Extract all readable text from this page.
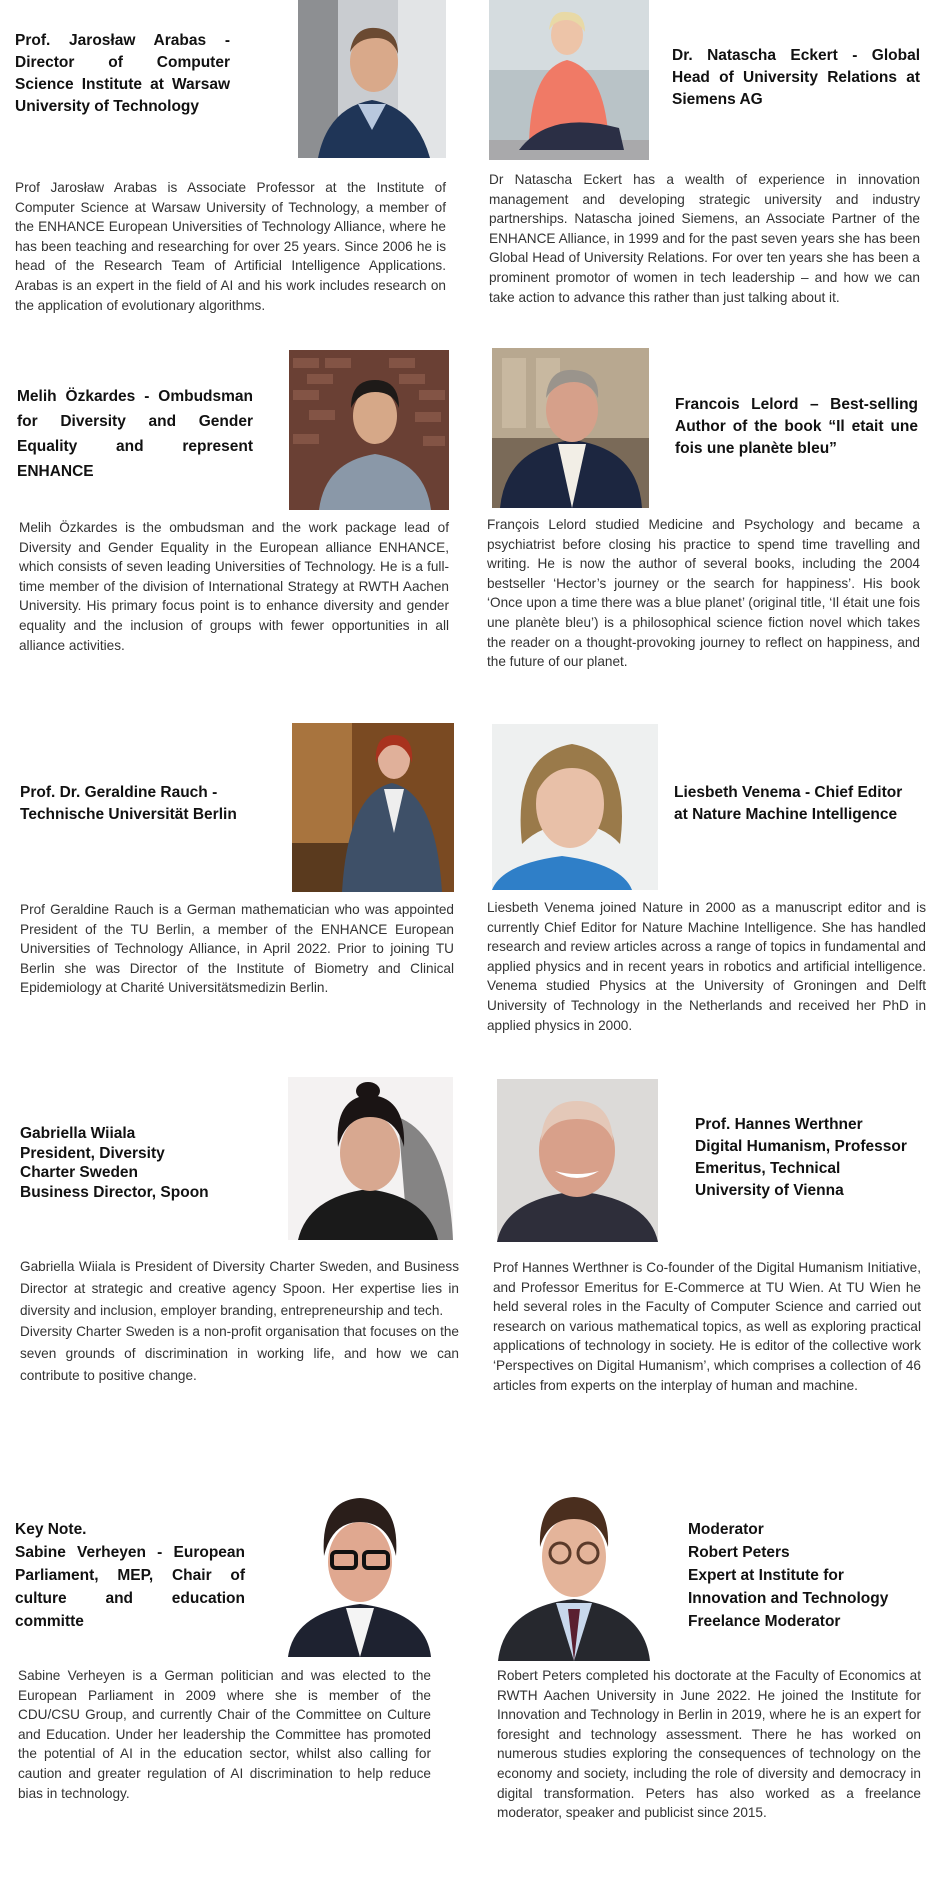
Prof. Jarosław Arabas - Director of Computer Science Institute at Warsaw University of Technology
Prof Jarosław Arabas is Associate Professor at the Institute of Computer Science at Warsaw University of Technology, a member of the ENHANCE European Universities of Technology Alliance, where he has been teaching and researching for over 25 years. Since 2006 he is head of the Research Team of Artificial Intelligence Applications. Arabas is an expert in the field of AI and his work includes research on the application of evolutionary algorithms.
Dr. Natascha Eckert - Global Head of University Relations at Siemens AG
Dr Natascha Eckert has a wealth of experience in innovation management and developing strategic university and industry partnerships. Natascha joined Siemens, an Associate Partner of the ENHANCE Alliance, in 1999 and for the past seven years she has been Global Head of University Relations. For over ten years she has been a prominent promotor of women in tech leadership – and how we can take action to advance this rather than just talking about it.
Melih Özkardes - Ombudsman for Diversity and Gender Equality and represent ENHANCE
Melih Özkardes is the ombudsman and the work package lead of Diversity and Gender Equality in the European alliance ENHANCE, which consists of seven leading Universities of Technology. He is a full-time member of the division of International Strategy at RWTH Aachen University. His primary focus point is to enhance diversity and gender equality and the inclusion of groups with fewer opportunities in all alliance activities.
Francois Lelord – Best-selling Author of the book “Il etait une fois une planète bleu”
François Lelord studied Medicine and Psychology and became a psychiatrist before closing his practice to spend time travelling and writing. He is now the author of several books, including the 2004 bestseller ‘Hector’s journey or the search for happiness’. His book ‘Once upon a time there was a blue planet’ (original title, ‘Il était une fois une planète bleu’) is a philosophical science fiction novel which takes the reader on a thought-provoking journey to reflect on happiness, and the future of our planet.
Prof. Dr. Geraldine Rauch -
Technische Universität Berlin
Prof Geraldine Rauch is a German mathematician who was appointed President of the TU Berlin, a member of the ENHANCE European Universities of Technology Alliance, in April 2022. Prior to joining TU Berlin she was Director of the Institute of Biometry and Clinical Epidemiology at Charité Universitätsmedizin Berlin.
Liesbeth Venema - Chief Editor
at Nature Machine Intelligence
Liesbeth Venema joined Nature in 2000 as a manuscript editor and is currently Chief Editor for Nature Machine Intelligence. She has handled research and review articles across a range of topics in fundamental and applied physics and in recent years in robotics and artificial intelligence. Venema studied Physics at the University of Groningen and Delft University of Technology in the Netherlands and received her PhD in applied physics in 2000.
Gabriella Wiiala
President, Diversity
Charter Sweden
Business Director, Spoon

Gabriella Wiiala is President of Diversity Charter Sweden, and Business Director at strategic and creative agency Spoon. Her expertise lies in diversity and inclusion, employer branding, entrepreneurship and tech.

Diversity Charter Sweden is a non-profit organisation that focuses on the seven grounds of discrimination in working life, and how we can contribute to positive change.

Prof. Hannes Werthner
Digital Humanism, Professor
Emeritus, Technical
University of Vienna
Prof Hannes Werthner is Co-founder of the Digital Humanism Initiative, and Professor Emeritus for E-Commerce at TU Wien. At TU Wien he held several roles in the Faculty of Computer Science and carried out research on various mathematical topics, as well as exploring practical applications of technology in society. He is editor of the collective work ‘Perspectives on Digital Humanism’, which comprises a collection of 46 articles from experts on the interplay of human and machine.
Key Note.
Sabine Verheyen - European Parliament, MEP, Chair of culture and education committe
Sabine Verheyen is a German politician and was elected to the European Parliament in 2009 where she is member of the CDU/CSU Group, and currently Chair of the Committee on Culture and Education. Under her leadership the Committee has promoted the potential of AI in the education sector, whilst also calling for caution and greater regulation of AI discrimination to help reduce bias in technology.
Moderator
Robert Peters
Expert at Institute for
Innovation and Technology
Freelance Moderator
Robert Peters completed his doctorate at the Faculty of Economics at RWTH Aachen University in June 2022. He joined the Institute for Innovation and Technology in Berlin in 2019, where he is an expert for foresight and technology assessment. There he has worked on numerous studies exploring the consequences of technology on the economy and society, including the role of diversity and democracy in digital transformation. Peters has also worked as a freelance moderator, speaker and publicist since 2015.
